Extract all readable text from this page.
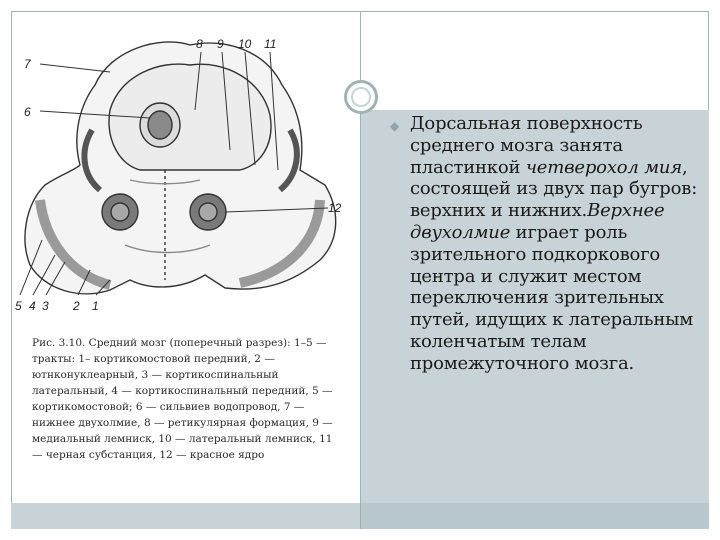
7
6
8 9 10 11
12
5 4 3 2 1
Рис. 3.10. Средний мозг (поперечный разрез): 1–5 — тракты: 1– кортикомостовой передний, 2 — ютнконуклеарный, 3 — кортикоспинальный латеральный, 4 — кортикоспинальный передний, 5 — кортикомостовой; 6 — сильвиев водопровод, 7 — нижнее двухолмие, 8 — ретикулярная формация, 9 — медиальный лемниск, 10 — латеральный лемниск, 11 — черная субстанция, 12 — красное ядро
◆ Дорсальная поверхность среднего мозга занята пластинкой четверохол мия, состоящей из двух пар бугров: верхних и нижних.Верхнее двухолмие играет роль зрительного подкоркового центра и служит местом переключения зрительных путей, идущих к латеральным коленчатым телам промежуточного мозга.
